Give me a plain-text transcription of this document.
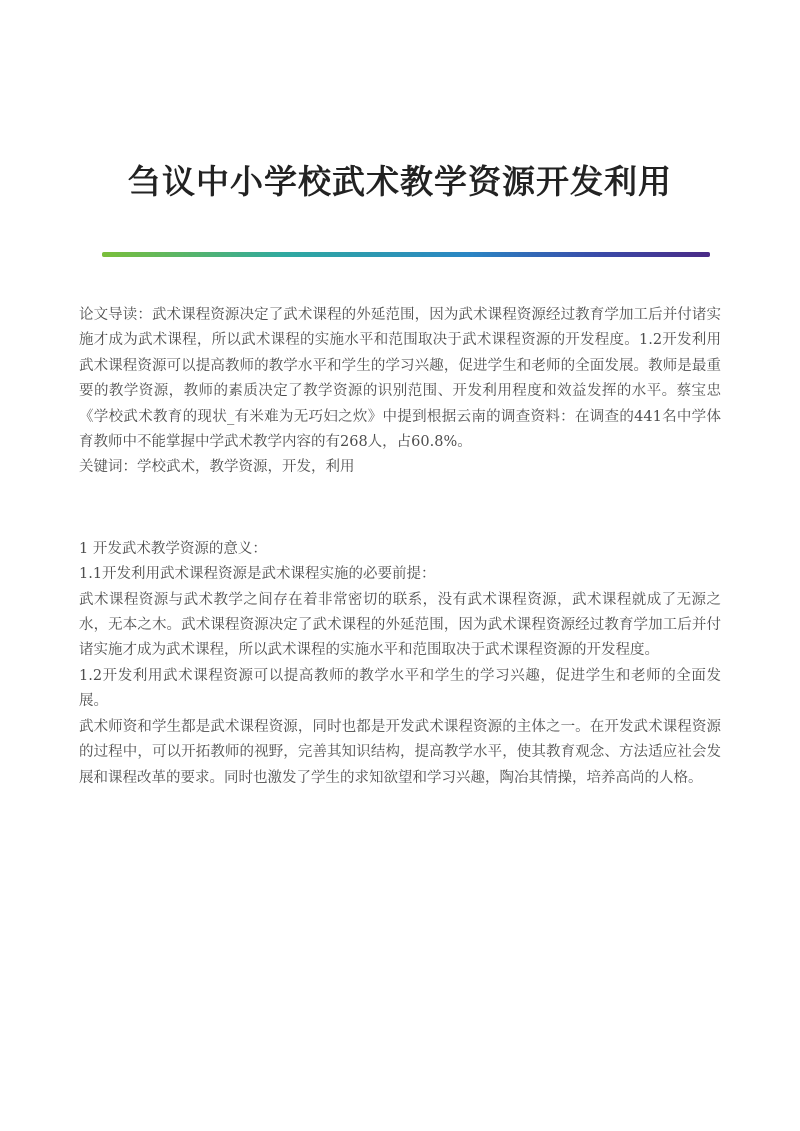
刍议中小学校武术教学资源开发利用

论文导读：武术课程资源决定了武术课程的外延范围，因为武术课程资源经过教育学加工后并付诸实施才成为武术课程，所以武术课程的实施水平和范围取决于武术课程资源的开发程度。1.2开发利用武术课程资源可以提高教师的教学水平和学生的学习兴趣，促进学生和老师的全面发展。教师是最重要的教学资源，教师的素质决定了教学资源的识别范围、开发利用程度和效益发挥的水平。蔡宝忠《学校武术教育的现状_有米难为无巧妇之炊》中提到根据云南的调查资料：在调查的441名中学体育教师中不能掌握中学武术教学内容的有268人，占60.8%。

关键词：学校武术，教学资源，开发，利用

1 开发武术教学资源的意义：

1.1开发利用武术课程资源是武术课程实施的必要前提：

武术课程资源与武术教学之间存在着非常密切的联系，没有武术课程资源，武术课程就成了无源之水，无本之木。武术课程资源决定了武术课程的外延范围，因为武术课程资源经过教育学加工后并付诸实施才成为武术课程，所以武术课程的实施水平和范围取决于武术课程资源的开发程度。

1.2开发利用武术课程资源可以提高教师的教学水平和学生的学习兴趣，促进学生和老师的全面发展。

武术师资和学生都是武术课程资源，同时也都是开发武术课程资源的主体之一。在开发武术课程资源的过程中，可以开拓教师的视野，完善其知识结构，提高教学水平，使其教育观念、方法适应社会发展和课程改革的要求。同时也激发了学生的求知欲望和学习兴趣，陶冶其情操，培养高尚的人格。
